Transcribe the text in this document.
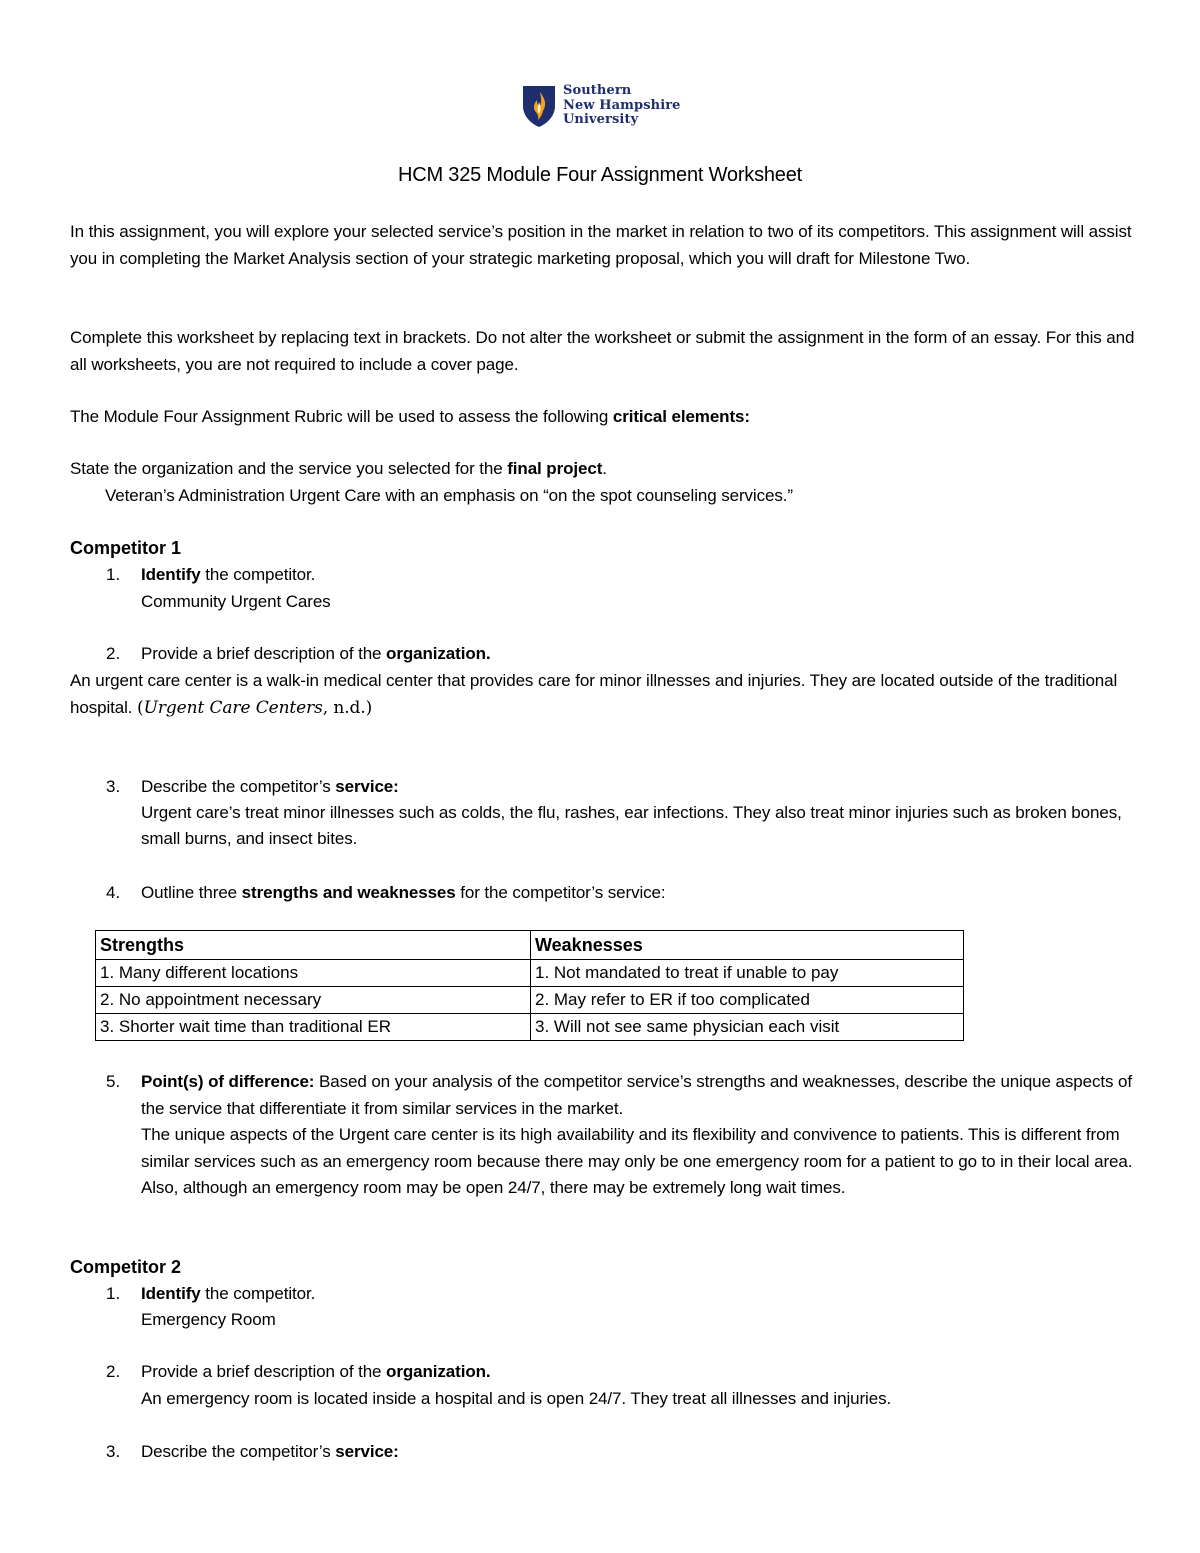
Southern
New Hampshire
University
HCM 325 Module Four Assignment Worksheet
In this assignment, you will explore your selected service’s position in the market in relation to two of its competitors. This assignment will assist you in completing the Market Analysis section of your strategic marketing proposal, which you will draft for Milestone Two.
Complete this worksheet by replacing text in brackets. Do not alter the worksheet or submit the assignment in the form of an essay. For this and all worksheets, you are not required to include a cover page.
The Module Four Assignment Rubric will be used to assess the following critical elements:
State the organization and the service you selected for the final project.
Veteran’s Administration Urgent Care with an emphasis on “on the spot counseling services.”
Competitor 1
1. Identify the competitor.
Community Urgent Cares
2. Provide a brief description of the organization.
An urgent care center is a walk-in medical center that provides care for minor illnesses and injuries. They are located outside of the traditional hospital. (Urgent Care Centers, n.d.)
3. Describe the competitor’s service:
Urgent care’s treat minor illnesses such as colds, the flu, rashes, ear infections. They also treat minor injuries such as broken bones, small burns, and insect bites.
4. Outline three strengths and weaknesses for the competitor’s service:
Strengths	Weaknesses
1. Many different locations	1. Not mandated to treat if unable to pay
2. No appointment necessary	2. May refer to ER if too complicated
3. Shorter wait time than traditional ER	3. Will not see same physician each visit
5. Point(s) of difference: Based on your analysis of the competitor service’s strengths and weaknesses, describe the unique aspects of the service that differentiate it from similar services in the market.
The unique aspects of the Urgent care center is its high availability and its flexibility and convivence to patients. This is different from similar services such as an emergency room because there may only be one emergency room for a patient to go to in their local area. Also, although an emergency room may be open 24/7, there may be extremely long wait times.
Competitor 2
1. Identify the competitor.
Emergency Room
2. Provide a brief description of the organization.
An emergency room is located inside a hospital and is open 24/7. They treat all illnesses and injuries.
3. Describe the competitor’s service:
